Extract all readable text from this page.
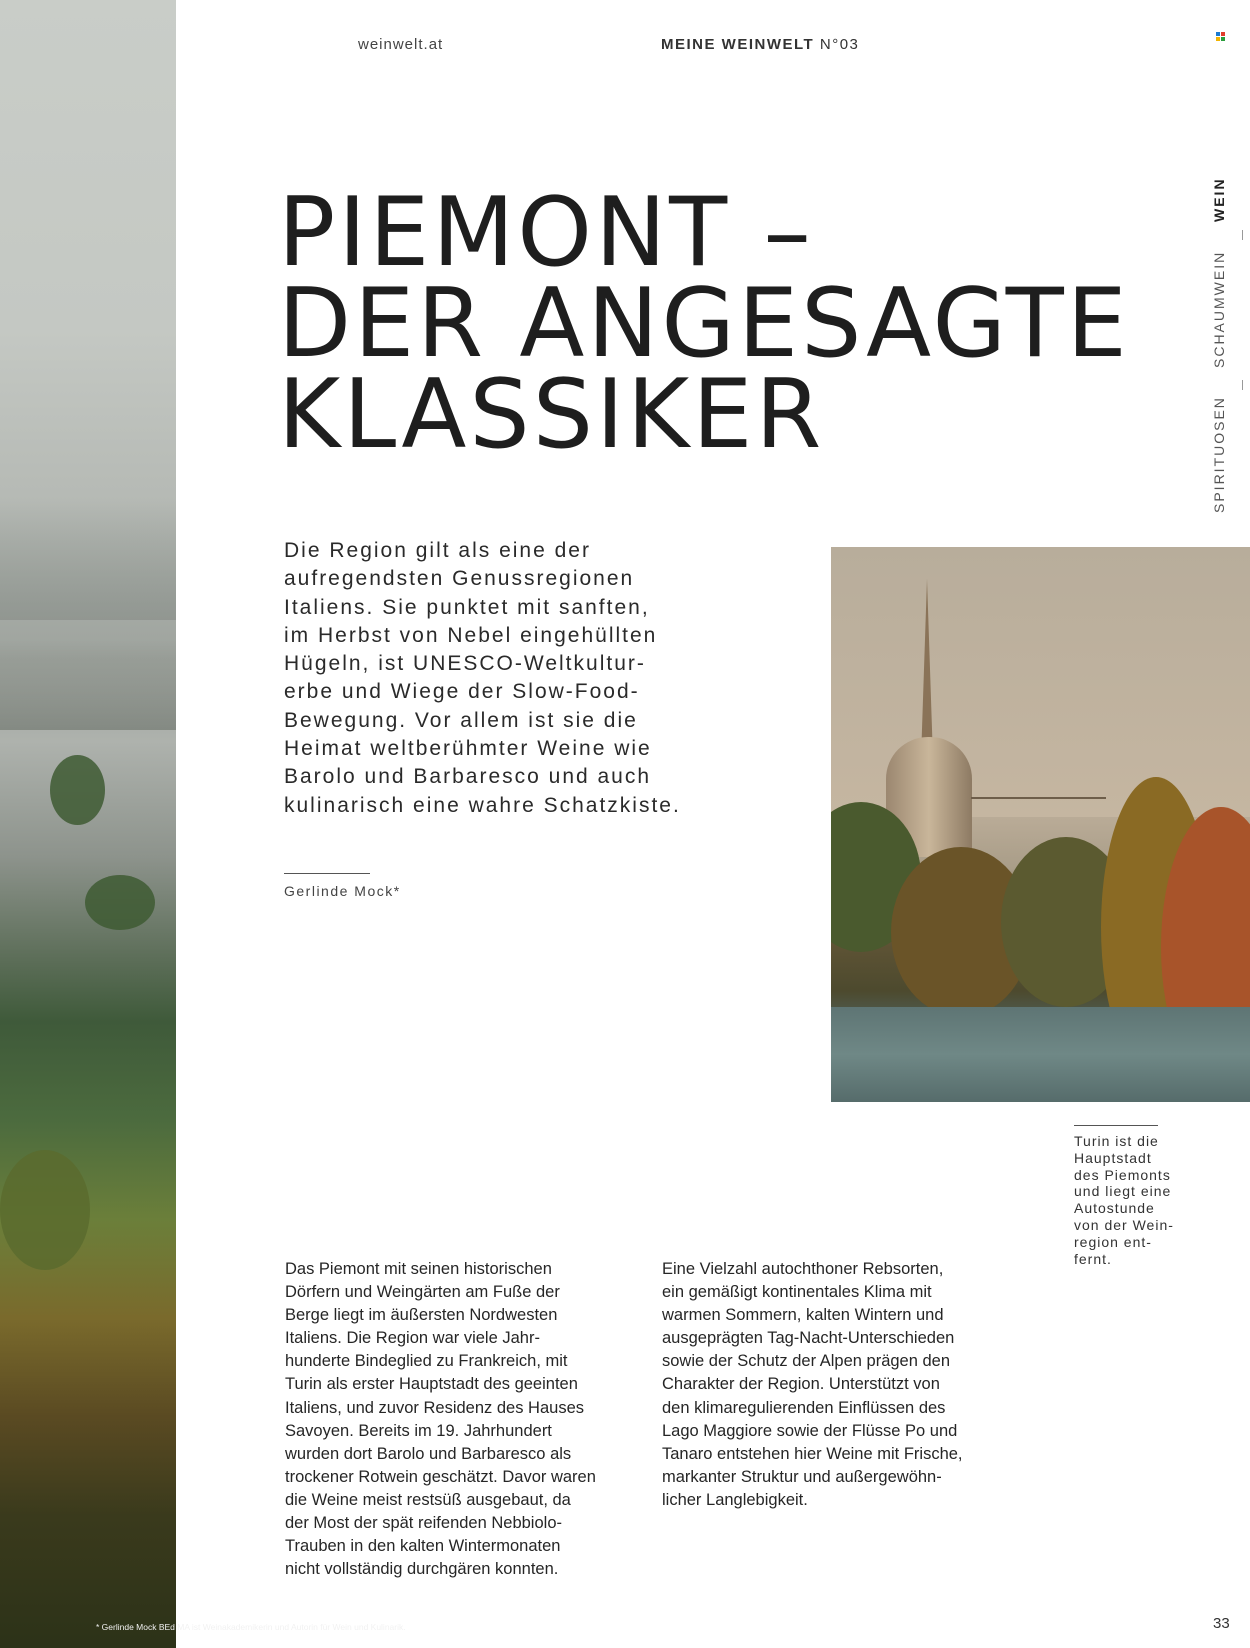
weinwelt.at	MEINE WEINWELT N°03
WEIN
SCHAUMWEIN
SPIRITUOSEN
PIEMONT –
DER ANGESAGTE
KLASSIKER
Die Region gilt als eine der
aufregendsten Genussregionen
Italiens. Sie punktet mit sanften,
im Herbst von Nebel eingehüllten
Hügeln, ist UNESCO-Weltkultur-
erbe und Wiege der Slow-Food-
Bewegung. Vor allem ist sie die
Heimat weltberühmter Weine wie
Barolo und Barbaresco und auch
kulinarisch eine wahre Schatzkiste.
Gerlinde Mock*
Turin ist die
Hauptstadt
des Piemonts
und liegt eine
Autostunde
von der Wein-
region ent-
fernt.
Das Piemont mit seinen historischen
Dörfern und Weingärten am Fuße der
Berge liegt im äußersten Nordwesten
Italiens. Die Region war viele Jahr-
hunderte Bindeglied zu Frankreich, mit
Turin als erster Hauptstadt des geeinten
Italiens, und zuvor Residenz des Hauses
Savoyen. Bereits im 19. Jahrhundert
wurden dort Barolo und Barbaresco als
trockener Rotwein geschätzt. Davor waren
die Weine meist restsüß ausgebaut, da
der Most der spät reifenden Nebbiolo-
Trauben in den kalten Wintermonaten
nicht vollständig durchgären konnten.
Eine Vielzahl autochthoner Rebsorten,
ein gemäßigt kontinentales Klima mit
warmen Sommern, kalten Wintern und
ausgeprägten Tag-Nacht-Unterschieden
sowie der Schutz der Alpen prägen den
Charakter der Region. Unterstützt von
den klimaregulierenden Einflüssen des
Lago Maggiore sowie der Flüsse Po und
Tanaro entstehen hier Weine mit Frische,
markanter Struktur und außergewöhn-
licher Langlebigkeit.
* Gerlinde Mock BEd MA ist Weinakademikerin und Autorin für Wein und Kulinarik.	33
